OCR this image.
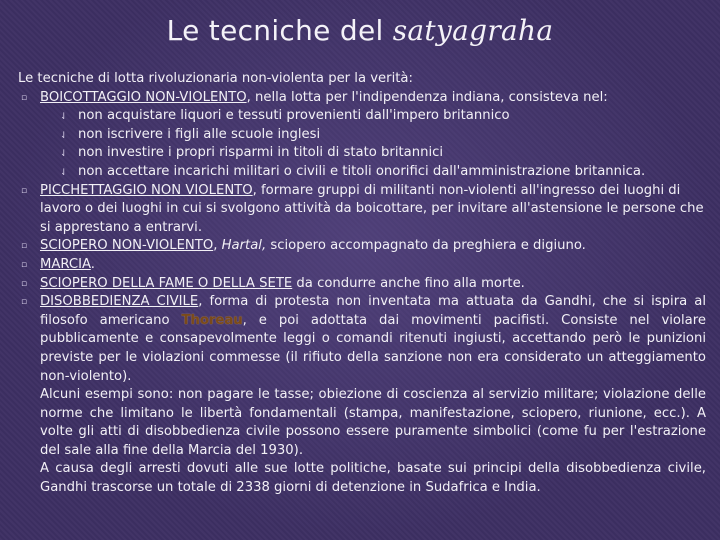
Le tecniche del satyagraha

Le tecniche di lotta rivoluzionaria non-violenta per la verità:

▫ BOICOTTAGGIO NON-VIOLENTO, nella lotta per l'indipendenza indiana, consisteva nel:

⇃ non acquistare liquori e tessuti provenienti dall'impero britannico

⇃ non iscrivere i figli alle scuole inglesi

⇃ non investire i propri risparmi in titoli di stato britannici

⇃ non accettare incarichi militari o civili e titoli onorifici dall'amministrazione britannica.

▫ PICCHETTAGGIO NON VIOLENTO, formare gruppi di militanti non-violenti all'ingresso dei luoghi di lavoro o dei luoghi in cui si svolgono attività da boicottare, per invitare all'astensione le persone che si apprestano a entrarvi.

▫ SCIOPERO NON-VIOLENTO, Hartal, sciopero accompagnato da preghiera e digiuno.

▫ MARCIA.

▫ SCIOPERO DELLA FAME O DELLA SETE da condurre anche fino alla morte.

▫ DISOBBEDIENZA CIVILE, forma di protesta non inventata ma attuata da Gandhi, che si ispira al filosofo americano Thoreau, e poi adottata dai movimenti pacifisti. Consiste nel violare pubblicamente e consapevolmente leggi o comandi ritenuti ingiusti, accettando però le punizioni previste per le violazioni commesse (il rifiuto della sanzione non era considerato un atteggiamento non-violento).
Alcuni esempi sono: non pagare le tasse; obiezione di coscienza al servizio militare; violazione delle norme che limitano le libertà fondamentali (stampa, manifestazione, sciopero, riunione, ecc.). A volte gli atti di disobbedienza civile possono essere puramente simbolici (come fu per l'estrazione del sale alla fine della Marcia del 1930).
A causa degli arresti dovuti alle sue lotte politiche, basate sui principi della disobbedienza civile, Gandhi trascorse un totale di 2338 giorni di detenzione in Sudafrica e India.
